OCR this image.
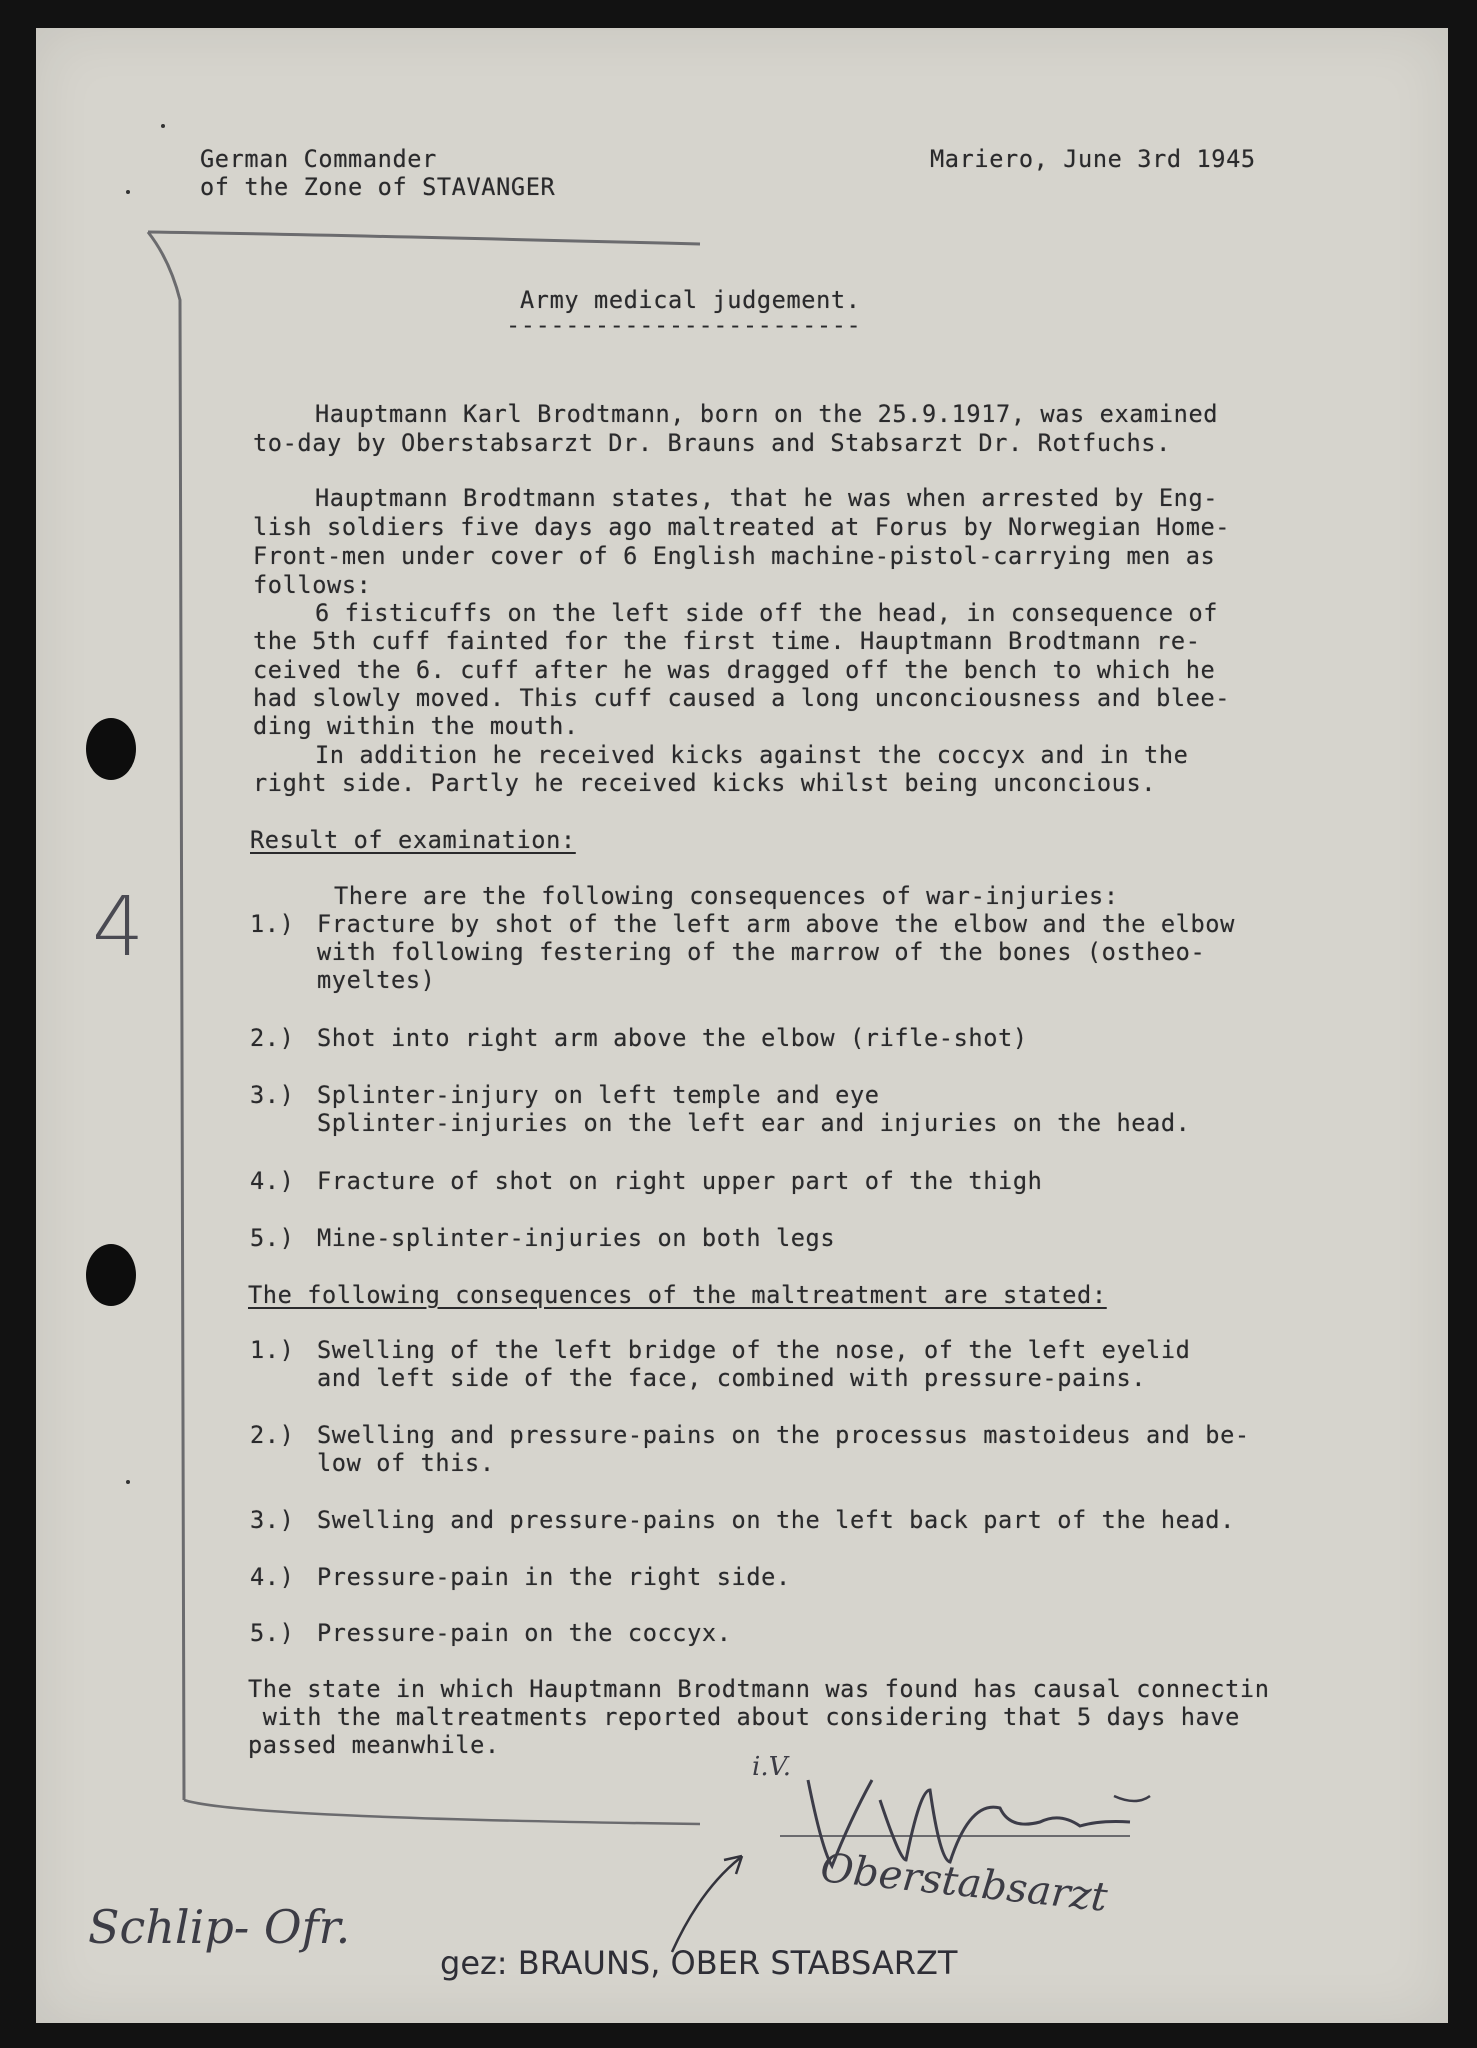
German Commander
of the Zone of STAVANGER
Mariero, June 3rd 1945
Army medical judgement.
------------------------
Hauptmann Karl Brodtmann, born on the 25.9.1917, was examined
to-day by Oberstabsarzt Dr. Brauns and Stabsarzt Dr. Rotfuchs.
Hauptmann Brodtmann states, that he was when arrested by Eng-
lish soldiers five days ago maltreated at Forus by Norwegian Home-
Front-men under cover of 6 English machine-pistol-carrying men as
follows:
6 fisticuffs on the left side off the head, in consequence of
the 5th cuff fainted for the first time. Hauptmann Brodtmann re-
ceived the 6. cuff after he was dragged off the bench to which he
had slowly moved. This cuff caused a long unconciousness and blee-
ding within the mouth.
In addition he received kicks against the coccyx and in the
right side. Partly he received kicks whilst being unconcious.
Result of examination:
There are the following consequences of war-injuries:
1.) Fracture by shot of the left arm above the elbow and the elbow
with following festering of the marrow of the bones (ostheo-
myeltes)
2.) Shot into right arm above the elbow (rifle-shot)
3.) Splinter-injury on left temple and eye
Splinter-injuries on the left ear and injuries on the head.
4.) Fracture of shot on right upper part of the thigh
5.) Mine-splinter-injuries on both legs
The following consequences of the maltreatment are stated:
1.) Swelling of the left bridge of the nose, of the left eyelid
and left side of the face, combined with pressure-pains.
2.) Swelling and pressure-pains on the processus mastoideus and be-
low of this.
3.) Swelling and pressure-pains on the left back part of the head.
4.) Pressure-pain in the right side.
5.) Pressure-pain on the coccyx.
The state in which Hauptmann Brodtmann was found has causal connectin
with the maltreatments reported about considering that 5 days have
passed meanwhile.
4
i.V.
Oberstabsarzt
Schlip- Ofr.
gez: BRAUNS, OBER STABSARZT
